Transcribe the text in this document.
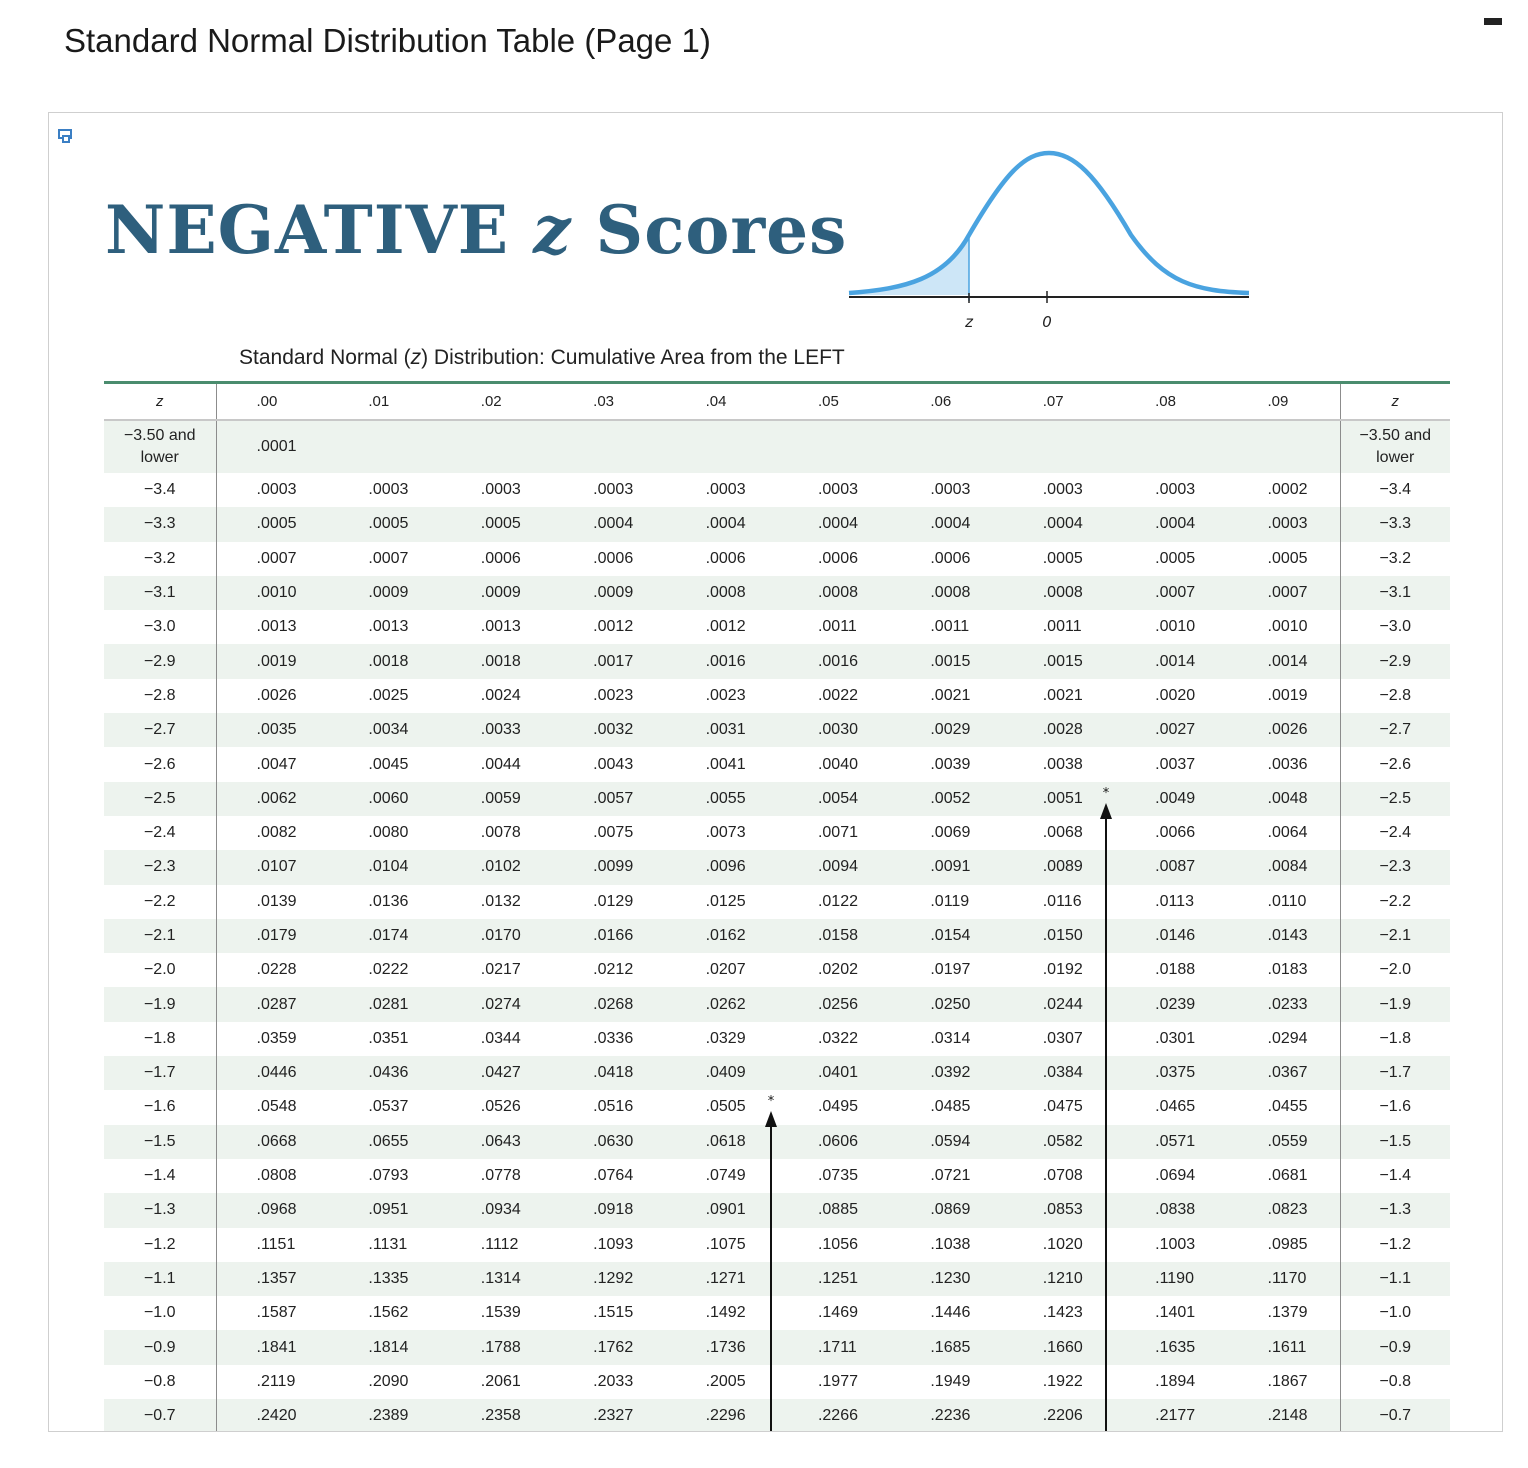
Standard Normal Distribution Table (Page 1)
NEGATIVE z Scores
z	0
Standard Normal (z) Distribution: Cumulative Area from the LEFT
z	.00	.01	.02	.03	.04	.05	.06	.07	.08	.09	z
−3.50 and lower	.0001										−3.50 and lower
−3.4	.0003	.0003	.0003	.0003	.0003	.0003	.0003	.0003	.0003	.0002	−3.4
−3.3	.0005	.0005	.0005	.0004	.0004	.0004	.0004	.0004	.0004	.0003	−3.3
−3.2	.0007	.0007	.0006	.0006	.0006	.0006	.0006	.0005	.0005	.0005	−3.2
−3.1	.0010	.0009	.0009	.0009	.0008	.0008	.0008	.0008	.0007	.0007	−3.1
−3.0	.0013	.0013	.0013	.0012	.0012	.0011	.0011	.0011	.0010	.0010	−3.0
−2.9	.0019	.0018	.0018	.0017	.0016	.0016	.0015	.0015	.0014	.0014	−2.9
−2.8	.0026	.0025	.0024	.0023	.0023	.0022	.0021	.0021	.0020	.0019	−2.8
−2.7	.0035	.0034	.0033	.0032	.0031	.0030	.0029	.0028	.0027	.0026	−2.7
−2.6	.0047	.0045	.0044	.0043	.0041	.0040	.0039	.0038	.0037	.0036	−2.6
−2.5	.0062	.0060	.0059	.0057	.0055	.0054	.0052	.0051	.0049	.0048	−2.5
−2.4	.0082	.0080	.0078	.0075	.0073	.0071	.0069	.0068	.0066	.0064	−2.4
−2.3	.0107	.0104	.0102	.0099	.0096	.0094	.0091	.0089	.0087	.0084	−2.3
−2.2	.0139	.0136	.0132	.0129	.0125	.0122	.0119	.0116	.0113	.0110	−2.2
−2.1	.0179	.0174	.0170	.0166	.0162	.0158	.0154	.0150	.0146	.0143	−2.1
−2.0	.0228	.0222	.0217	.0212	.0207	.0202	.0197	.0192	.0188	.0183	−2.0
−1.9	.0287	.0281	.0274	.0268	.0262	.0256	.0250	.0244	.0239	.0233	−1.9
−1.8	.0359	.0351	.0344	.0336	.0329	.0322	.0314	.0307	.0301	.0294	−1.8
−1.7	.0446	.0436	.0427	.0418	.0409	.0401	.0392	.0384	.0375	.0367	−1.7
−1.6	.0548	.0537	.0526	.0516	.0505	.0495	.0485	.0475	.0465	.0455	−1.6
−1.5	.0668	.0655	.0643	.0630	.0618	.0606	.0594	.0582	.0571	.0559	−1.5
−1.4	.0808	.0793	.0778	.0764	.0749	.0735	.0721	.0708	.0694	.0681	−1.4
−1.3	.0968	.0951	.0934	.0918	.0901	.0885	.0869	.0853	.0838	.0823	−1.3
−1.2	.1151	.1131	.1112	.1093	.1075	.1056	.1038	.1020	.1003	.0985	−1.2
−1.1	.1357	.1335	.1314	.1292	.1271	.1251	.1230	.1210	.1190	.1170	−1.1
−1.0	.1587	.1562	.1539	.1515	.1492	.1469	.1446	.1423	.1401	.1379	−1.0
−0.9	.1841	.1814	.1788	.1762	.1736	.1711	.1685	.1660	.1635	.1611	−0.9
−0.8	.2119	.2090	.2061	.2033	.2005	.1977	.1949	.1922	.1894	.1867	−0.8
−0.7	.2420	.2389	.2358	.2327	.2296	.2266	.2236	.2206	.2177	.2148	−0.7
*
*
